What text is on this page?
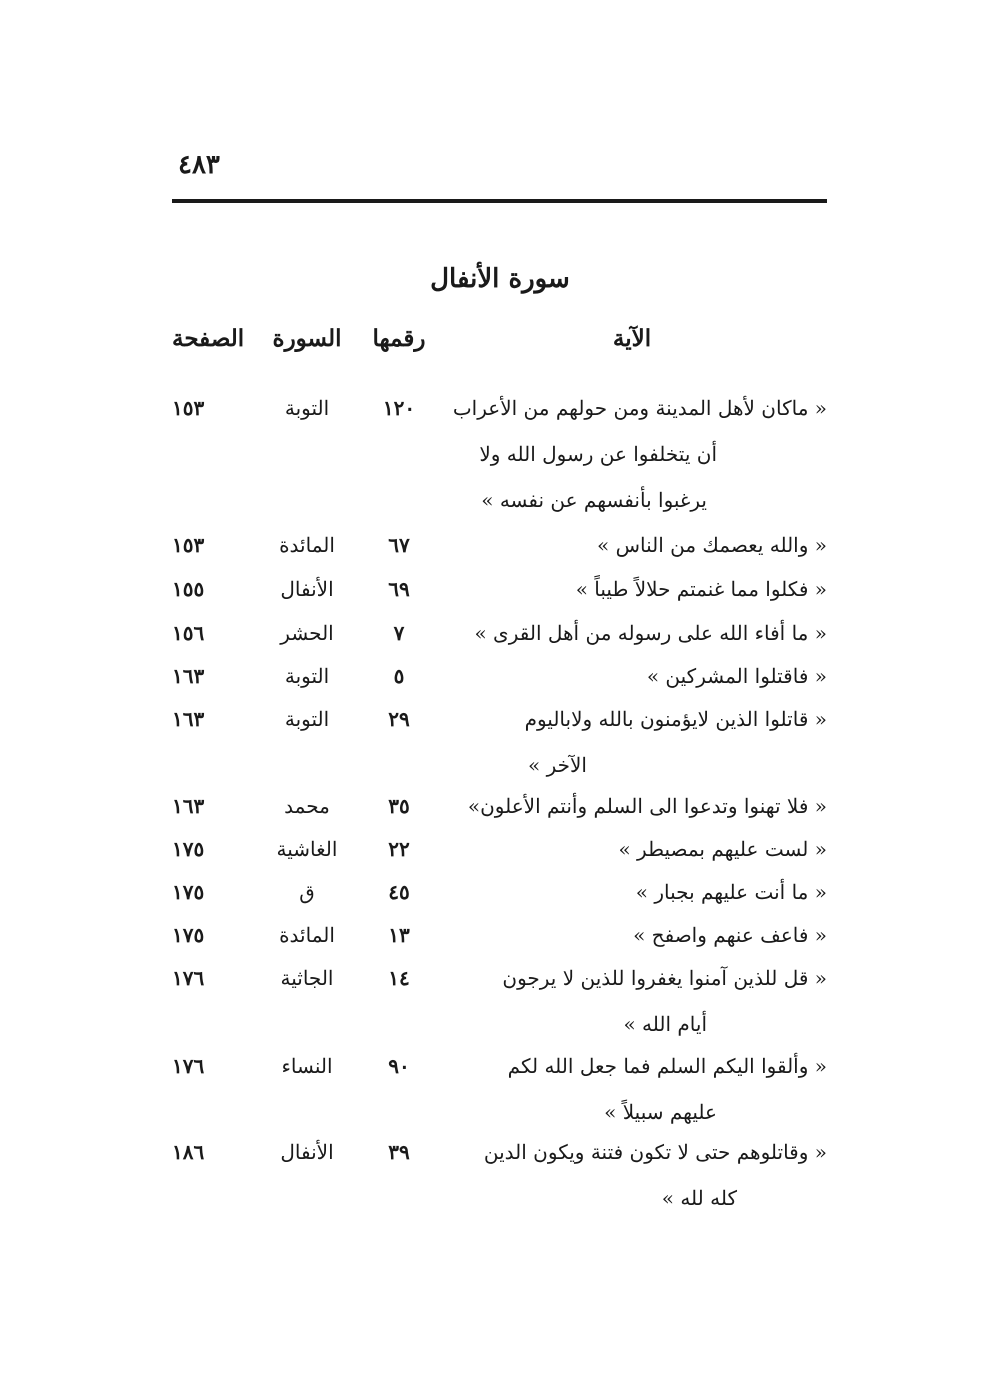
٤٨٣
سورة الأنفال
الآية
رقمها
السورة
الصفحة
« ماكان لأهل المدينة ومن حولهم من الأعراب
أن يتخلفوا عن رسول الله ولا
يرغبوا بأنفسهم عن نفسه »
١٢٠
التوبة
١٥٣
« والله يعصمك من الناس »
٦٧
المائدة
١٥٣
« فكلوا مما غنمتم حلالاً طيباً »
٦٩
الأنفال
١٥٥
« ما أفاء الله على رسوله من أهل القرى »
٧
الحشر
١٥٦
« فاقتلوا المشركين »
٥
التوبة
١٦٣
« قاتلوا الذين لايؤمنون بالله ولاباليوم
الآخر »
٢٩
التوبة
١٦٣
« فلا تهنوا وتدعوا الى السلم وأنتم الأعلون»
٣٥
محمد
١٦٣
« لست عليهم بمصيطر »
٢٢
الغاشية
١٧٥
« ما أنت عليهم بجبار »
٤٥
ق
١٧٥
« فاعف عنهم واصفح »
١٣
المائدة
١٧٥
« قل للذين آمنوا يغفروا للذين لا يرجون
أيام الله »
١٤
الجاثية
١٧٦
« وألقوا اليكم السلم فما جعل الله لكم
عليهم سبيلاً »
٩٠
النساء
١٧٦
« وقاتلوهم حتى لا تكون فتنة ويكون الدين
كله لله »
٣٩
الأنفال
١٨٦
